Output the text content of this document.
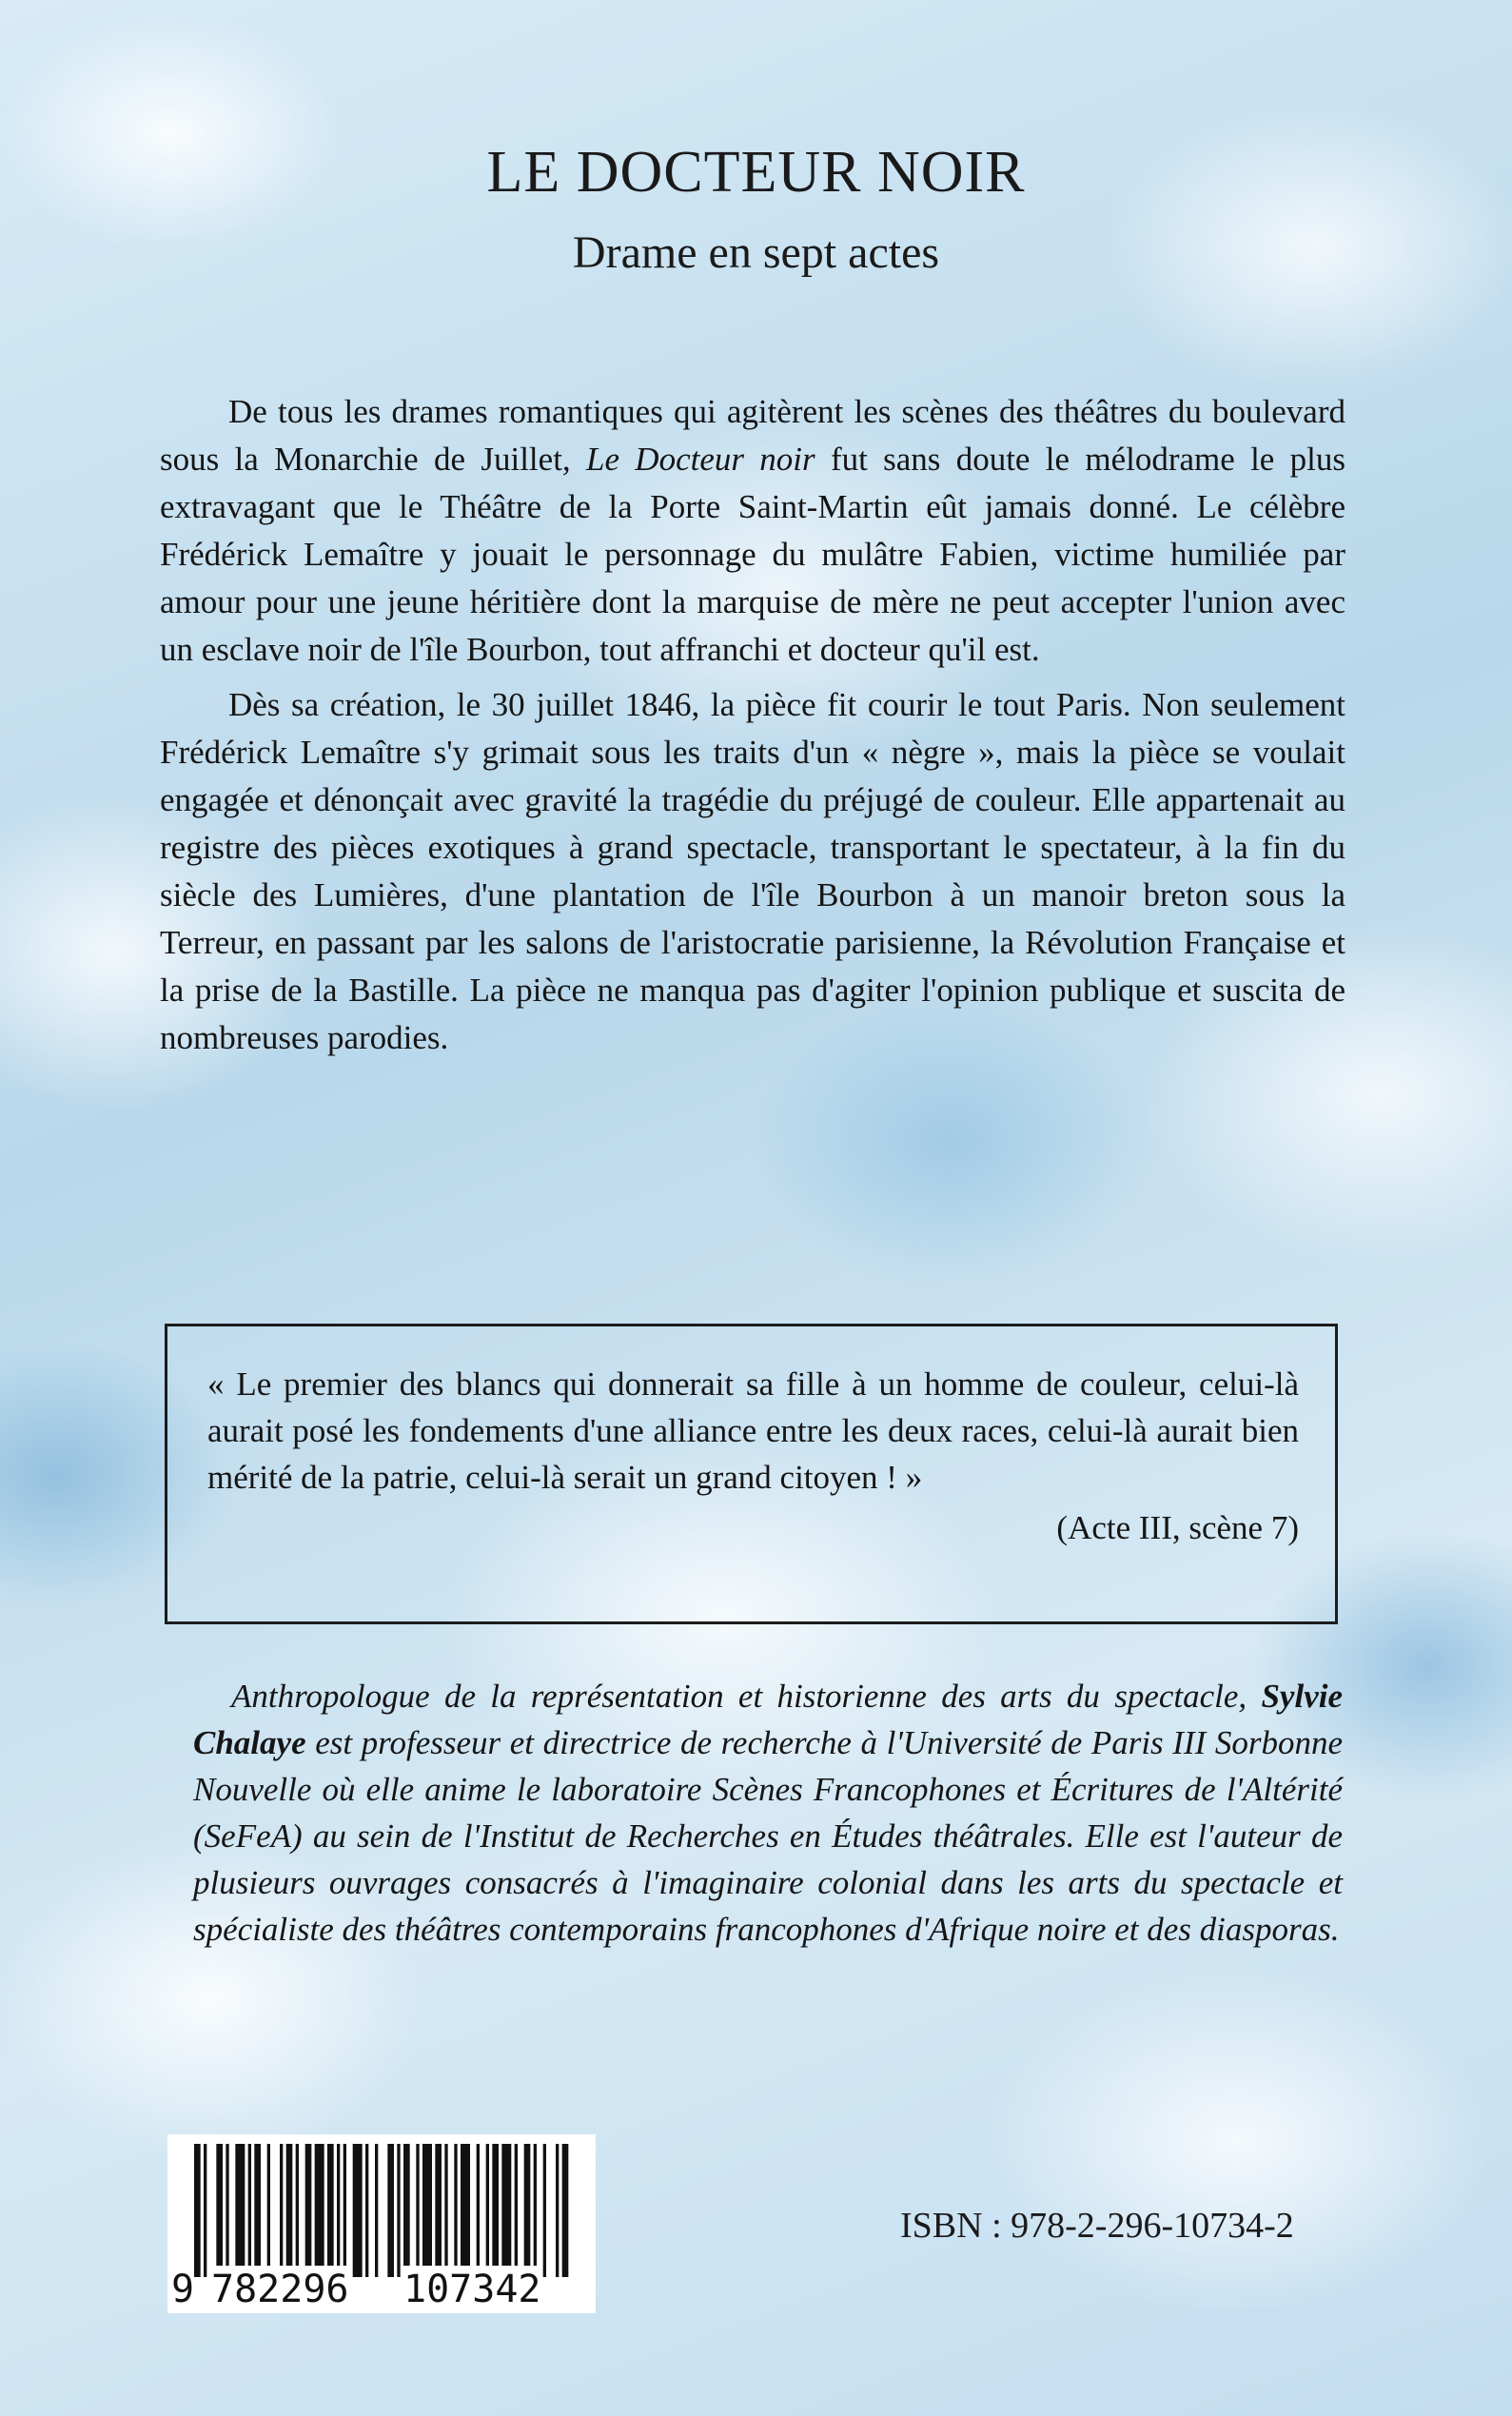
LE DOCTEUR NOIR
Drame en sept actes

De tous les drames romantiques qui agitèrent les scènes des théâtres du boulevard sous la Monarchie de Juillet, Le Docteur noir fut sans doute le mélodrame le plus extravagant que le Théâtre de la Porte Saint-Martin eût jamais donné. Le célèbre Frédérick Lemaître y jouait le personnage du mulâtre Fabien, victime humiliée par amour pour une jeune héritière dont la marquise de mère ne peut accepter l'union avec un esclave noir de l'île Bourbon, tout affranchi et docteur qu'il est.

Dès sa création, le 30 juillet 1846, la pièce fit courir le tout Paris. Non seulement Frédérick Lemaître s'y grimait sous les traits d'un « nègre », mais la pièce se voulait engagée et dénonçait avec gravité la tragédie du préjugé de couleur. Elle appartenait au registre des pièces exotiques à grand spectacle, transportant le spectateur, à la fin du siècle des Lumières, d'une plantation de l'île Bourbon à un manoir breton sous la Terreur, en passant par les salons de l'aristocratie parisienne, la Révolution Française et la prise de la Bastille. La pièce ne manqua pas d'agiter l'opinion publique et suscita de nombreuses parodies.

« Le premier des blancs qui donnerait sa fille à un homme de couleur, celui-là aurait posé les fondements d'une alliance entre les deux races, celui-là aurait bien mérité de la patrie, celui-là serait un grand citoyen ! »

(Acte III, scène 7)

Anthropologue de la représentation et historienne des arts du spectacle, Sylvie Chalaye est professeur et directrice de recherche à l'Université de Paris III Sorbonne Nouvelle où elle anime le laboratoire Scènes Francophones et Écritures de l'Altérité (SeFeA) au sein de l'Institut de Recherches en Études théâtrales. Elle est l'auteur de plusieurs ouvrages consacrés à l'imaginaire colonial dans les arts du spectacle et spécialiste des théâtres contemporains francophones d'Afrique noire et des diasporas.

9 782296 107342
ISBN : 978-2-296-10734-2
